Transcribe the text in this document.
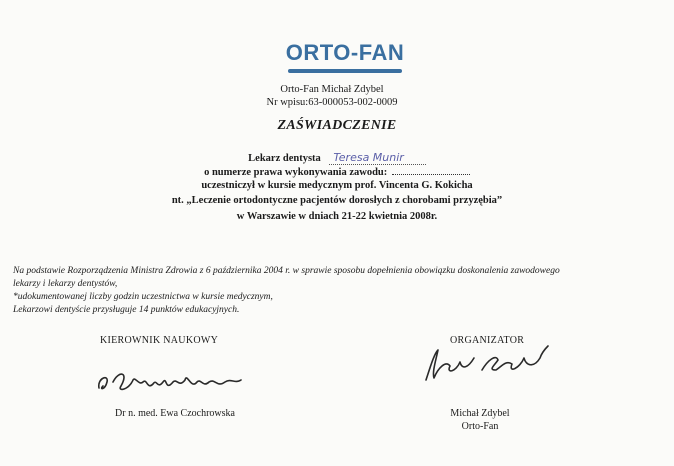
ORTO-FAN
Orto-Fan Michał Zdybel
Nr wpisu:63-000053-002-0009
ZAŚWIADCZENIE
Lekarz dentysta Teresa Munir
o numerze prawa wykonywania zawodu:
uczestniczył w kursie medycznym prof. Vincenta G. Kokicha
nt. „Leczenie ortodontyczne pacjentów dorosłych z chorobami przyzębia”
w Warszawie w dniach 21-22 kwietnia 2008r.
Na podstawie Rozporządzenia Ministra Zdrowia z 6 października 2004 r. w sprawie sposobu dopełnienia obowiązku doskonalenia zawodowego
lekarzy i lekarzy dentystów,
*udokumentowanej liczby godzin uczestnictwa w kursie medycznym,
Lekarzowi dentyście przysługuje 14 punktów edukacyjnych.
KIEROWNIK NAUKOWY	ORGANIZATOR
Dr n. med. Ewa Czochrowska	Michał Zdybel
Orto-Fan
